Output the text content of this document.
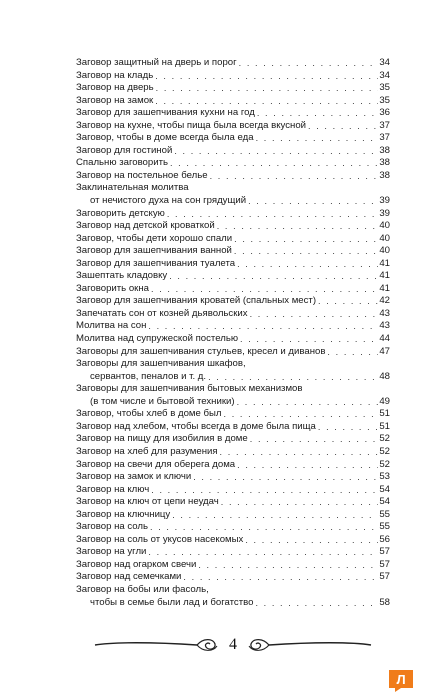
Заговор защитный на дверь и порог . . .	34
Заговор на кладь . . .	34
Заговор на дверь . . .	35
Заговор на замок . . .	35
Заговор для зашепчивания кухни на год . . .	36
Заговор на кухне, чтобы пища была всегда вкусной . . .	37
Заговор, чтобы в доме всегда была еда . . .	37
Заговор для гостиной . . .	38
Спальню заговорить . . .	38
Заговор на постельное белье . . .	38
Заклинательная молитва
от нечистого духа на сон грядущий . . .	39
Заговорить детскую . . .	39
Заговор над детской кроваткой . . .	40
Заговор, чтобы дети хорошо спали . . .	40
Заговор для зашепчивания ванной . . .	40
Заговор для зашепчивания туалета . . .	41
Зашептать кладовку . . .	41
Заговорить окна . . .	41
Заговор для зашепчивания кроватей (спальных мест) . . .	42
Запечатать сон от козней дьявольских . . .	43
Молитва на сон . . .	43
Молитва над супружеской постелью . . .	44
Заговоры для зашепчивания стульев, кресел и диванов . . .	47
Заговоры для зашепчивания шкафов,
сервантов, пеналов и т. д. . . .	48
Заговоры для зашепчивания бытовых механизмов
(в том числе и бытовой техники) . . .	49
Заговор, чтобы хлеб в доме был . . .	51
Заговор над хлебом, чтобы всегда в доме была пища . . .	51
Заговор на пищу для изобилия в доме . . .	52
Заговор на хлеб для разумения . . .	52
Заговор на свечи для оберега дома . . .	52
Заговор на замок и ключи . . .	53
Заговор на ключ . . .	54
Заговор на ключ от цепи неудач . . .	54
Заговор на ключницу . . .	55
Заговор на соль . . .	55
Заговор на соль от укусов насекомых . . .	56
Заговор на угли . . .	57
Заговор над огарком свечи . . .	57
Заговор над семечками . . .	57
Заговор на бобы или фасоль,
чтобы в семье были лад и богатство . . .	58
4
Л
